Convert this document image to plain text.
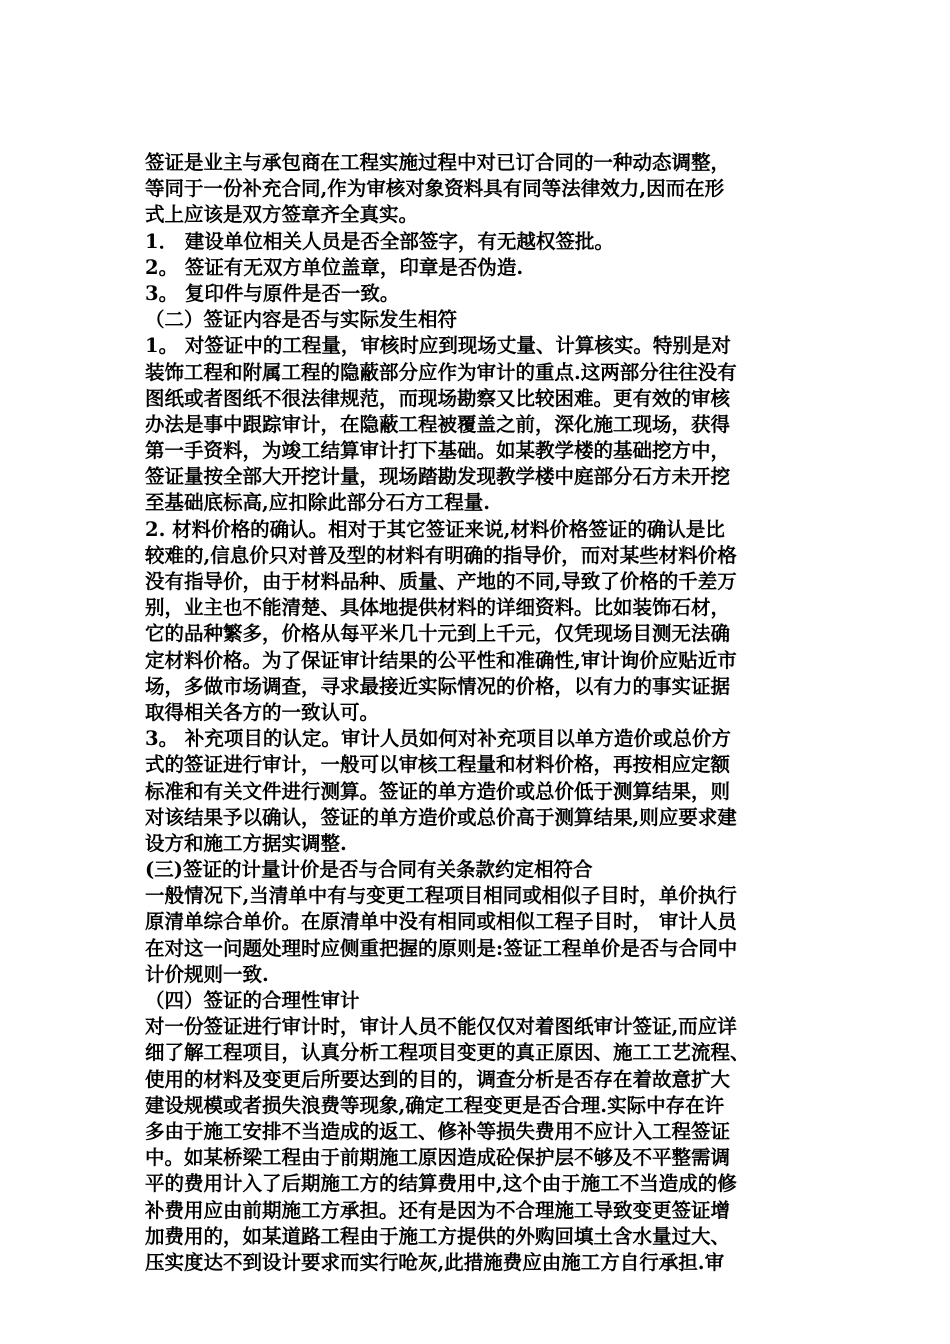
签证是业主与承包商在工程实施过程中对已订合同的一种动态调整，
等同于一份补充合同,作为审核对象资料具有同等法律效力,因而在形
式上应该是双方签章齐全真实。
1． 建设单位相关人员是否全部签字，有无越权签批。
2。 签证有无双方单位盖章，印章是否伪造.
3。 复印件与原件是否一致。
（二）签证内容是否与实际发生相符
1。 对签证中的工程量，审核时应到现场丈量、计算核实。特别是对
装饰工程和附属工程的隐蔽部分应作为审计的重点.这两部分往往没有
图纸或者图纸不很法律规范，而现场勘察又比较困难。更有效的审核
办法是事中跟踪审计，在隐蔽工程被覆盖之前，深化施工现场，获得
第一手资料，为竣工结算审计打下基础。如某教学楼的基础挖方中，
签证量按全部大开挖计量，现场踏勘发现教学楼中庭部分石方未开挖
至基础底标高,应扣除此部分石方工程量.
2. 材料价格的确认。相对于其它签证来说,材料价格签证的确认是比
较难的,信息价只对普及型的材料有明确的指导价，而对某些材料价格
没有指导价，由于材料品种、质量、产地的不同,导致了价格的千差万
别，业主也不能清楚、具体地提供材料的详细资料。比如装饰石材，
它的品种繁多，价格从每平米几十元到上千元，仅凭现场目测无法确
定材料价格。为了保证审计结果的公平性和准确性,审计询价应贴近市
场，多做市场调查，寻求最接近实际情况的价格，以有力的事实证据
取得相关各方的一致认可。
3。 补充项目的认定。审计人员如何对补充项目以单方造价或总价方
式的签证进行审计，一般可以审核工程量和材料价格，再按相应定额
标准和有关文件进行测算。签证的单方造价或总价低于测算结果，则
对该结果予以确认，签证的单方造价或总价高于测算结果,则应要求建
设方和施工方据实调整.
(三)签证的计量计价是否与合同有关条款约定相符合
一般情况下,当清单中有与变更工程项目相同或相似子目时，单价执行
原清单综合单价。在原清单中没有相同或相似工程子目时， 审计人员
在对这一问题处理时应侧重把握的原则是:签证工程单价是否与合同中
计价规则一致.
（四）签证的合理性审计
对一份签证进行审计时，审计人员不能仅仅对着图纸审计签证,而应详
细了解工程项目，认真分析工程项目变更的真正原因、施工工艺流程、
使用的材料及变更后所要达到的目的，调查分析是否存在着故意扩大
建设规模或者损失浪费等现象,确定工程变更是否合理.实际中存在许
多由于施工安排不当造成的返工、修补等损失费用不应计入工程签证
中。如某桥梁工程由于前期施工原因造成砼保护层不够及不平整需调
平的费用计入了后期施工方的结算费用中,这个由于施工不当造成的修
补费用应由前期施工方承担。还有是因为不合理施工导致变更签证增
加费用的，如某道路工程由于施工方提供的外购回填土含水量过大、
压实度达不到设计要求而实行呛灰,此措施费应由施工方自行承担.审
